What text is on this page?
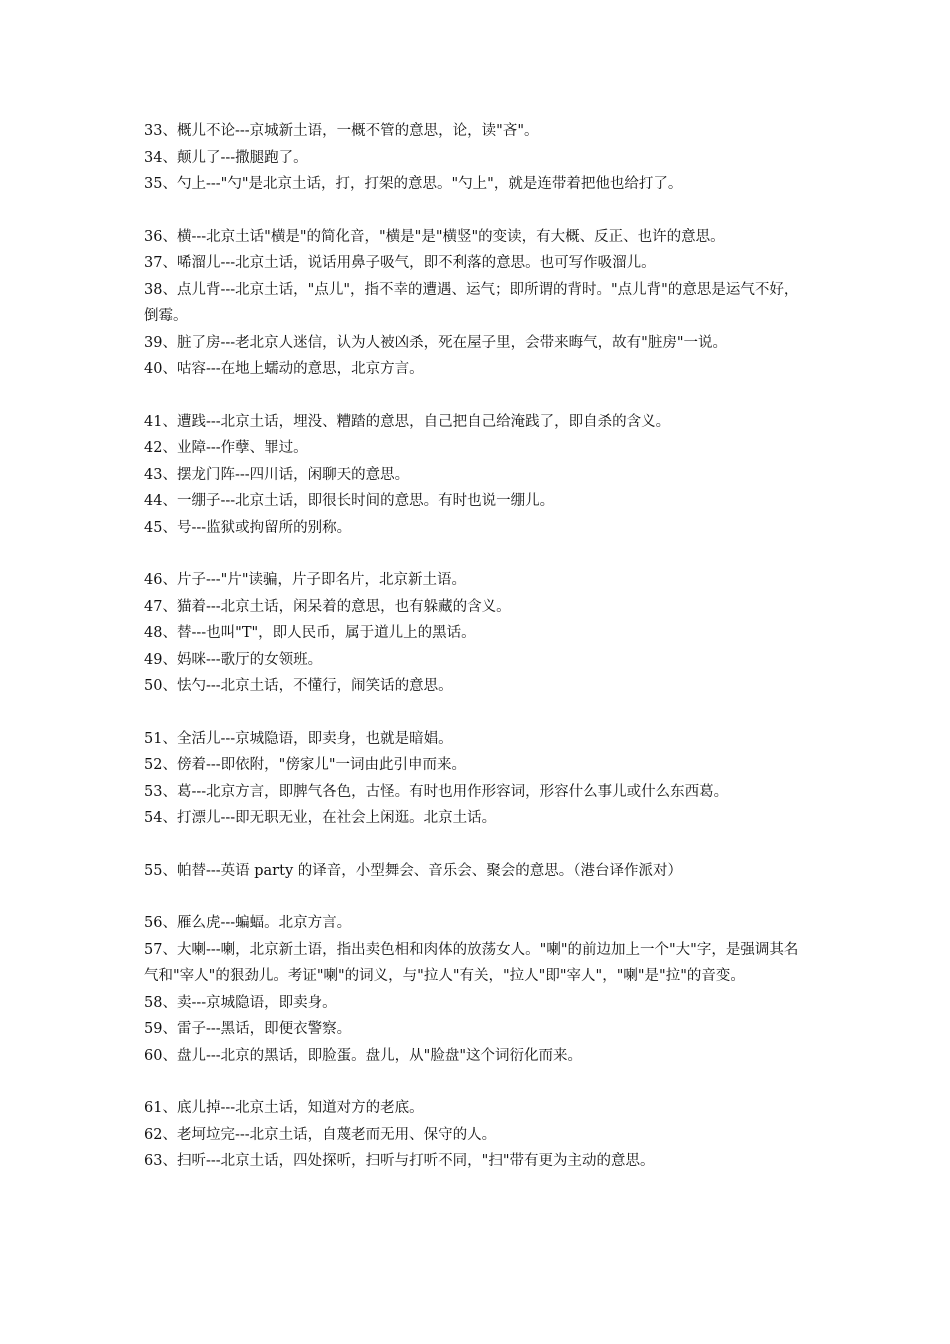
33、概儿不论---京城新土语，一概不管的意思，论，读"吝"。

34、颠儿了---撒腿跑了。

35、勺上---"勺"是北京土话，打，打架的意思。"勺上"，就是连带着把他也给打了。

36、横---北京土话"横是"的简化音，"横是"是"横竖"的变读，有大概、反正、也许的意思。

37、唏溜儿---北京土话，说话用鼻子吸气，即不利落的意思。也可写作吸溜儿。

38、点儿背---北京土话，"点儿"，指不幸的遭遇、运气；即所谓的背时。"点儿背"的意思是运气不好，倒霉。

39、脏了房---老北京人迷信，认为人被凶杀，死在屋子里，会带来晦气，故有"脏房"一说。

40、咕容---在地上蠕动的意思，北京方言。

41、遭践---北京土话，埋没、糟踏的意思，自己把自己给淹践了，即自杀的含义。

42、业障---作孽、罪过。

43、摆龙门阵---四川话，闲聊天的意思。

44、一绷子---北京土话，即很长时间的意思。有时也说一绷儿。

45、号---监狱或拘留所的别称。

46、片子---"片"读骗，片子即名片，北京新土语。

47、猫着---北京土话，闲呆着的意思，也有躲藏的含义。

48、替---也叫"T"，即人民币，属于道儿上的黑话。

49、妈咪---歌厅的女领班。

50、怯勺---北京土话，不懂行，闹笑话的意思。

51、全活儿---京城隐语，即卖身，也就是暗娼。

52、傍着---即依附，"傍家儿"一词由此引申而来。

53、葛---北京方言，即脾气各色，古怪。有时也用作形容词，形容什么事儿或什么东西葛。

54、打漂儿---即无职无业，在社会上闲逛。北京土话。

55、帕替---英语 party 的译音，小型舞会、音乐会、聚会的意思。（港台译作派对）

56、雁么虎---蝙蝠。北京方言。

57、大喇---喇，北京新土语，指出卖色相和肉体的放荡女人。"喇"的前边加上一个"大"字，是强调其名气和"宰人"的狠劲儿。考证"喇"的词义，与"拉人"有关，"拉人"即"宰人"，"喇"是"拉"的音变。

58、卖---京城隐语，即卖身。

59、雷子---黑话，即便衣警察。

60、盘儿---北京的黑话，即脸蛋。盘儿，从"脸盘"这个词衍化而来。

61、底儿掉---北京土话，知道对方的老底。

62、老坷垃完---北京土话，自蔑老而无用、保守的人。

63、扫听---北京土话，四处探听，扫听与打听不同，"扫"带有更为主动的意思。
